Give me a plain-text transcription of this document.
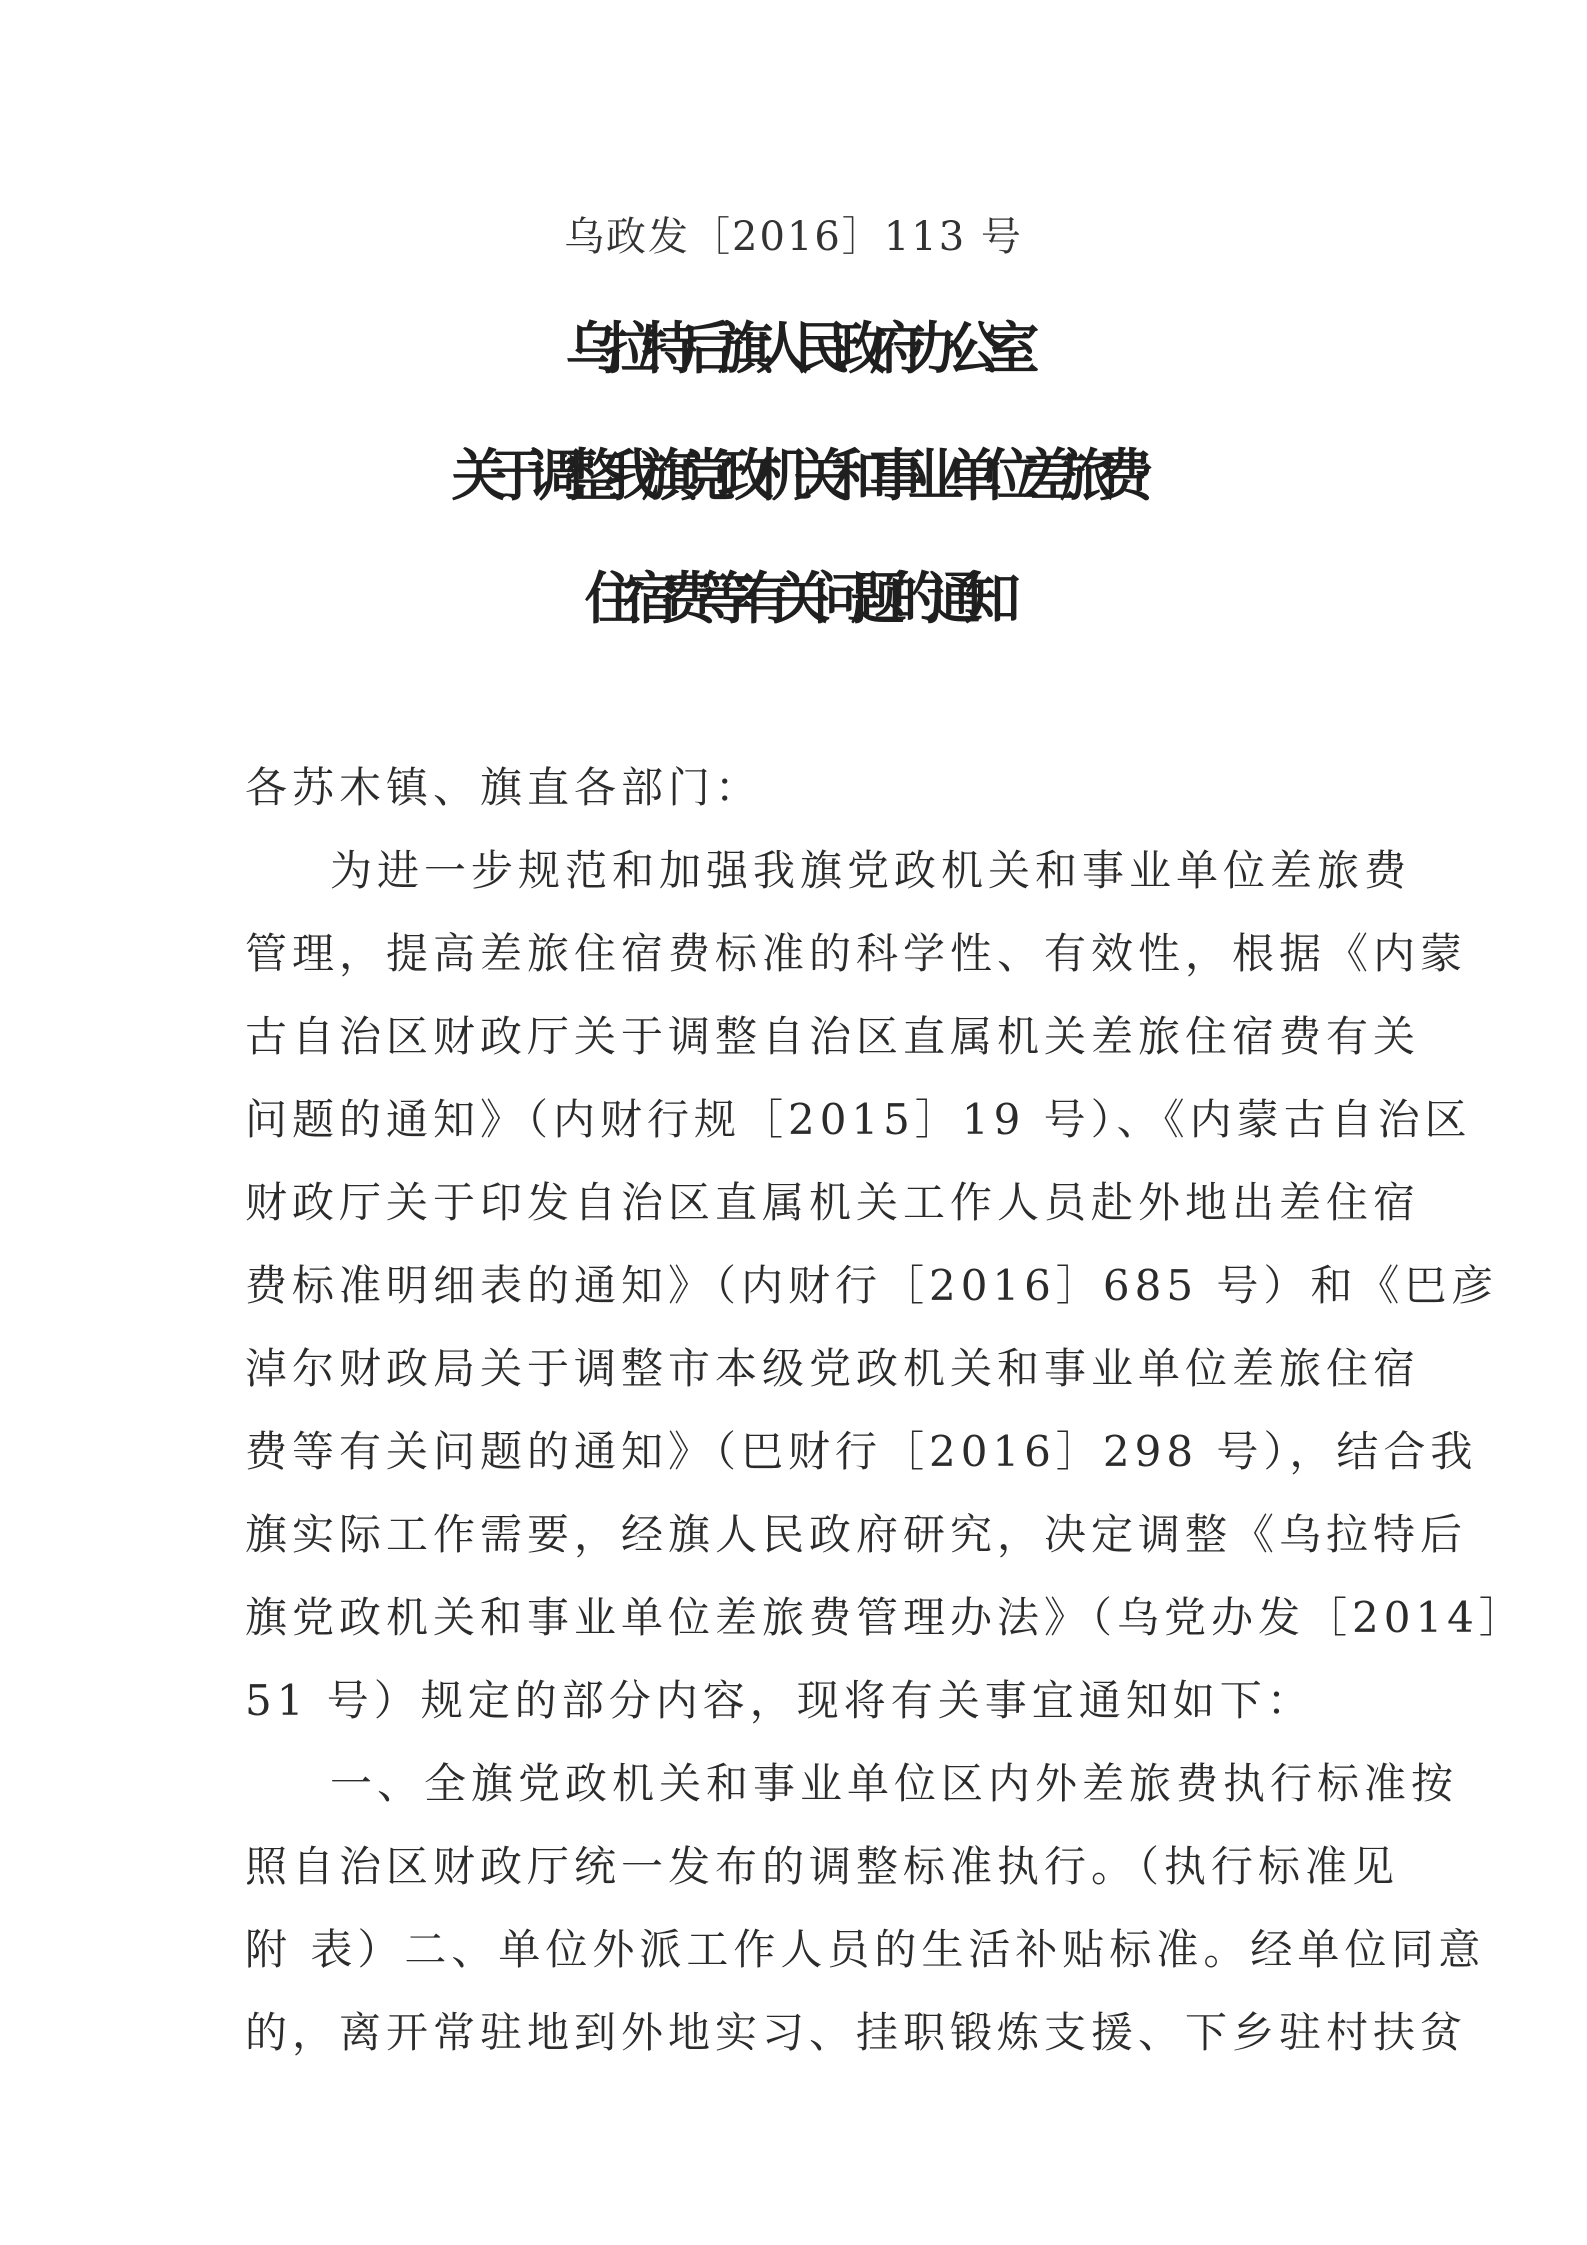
乌政发［2016］113 号
乌拉特后旗人民政府办公室
关于调整我旗党政机关和事业单位差旅费
住宿费等有关问题的通知
各苏木镇、旗直各部门：
为进一步规范和加强我旗党政机关和事业单位差旅费
管理，提高差旅住宿费标准的科学性、有效性，根据《内蒙
古自治区财政厅关于调整自治区直属机关差旅住宿费有关
问题的通知》（内财行规［2015］19 号）、《内蒙古自治区
财政厅关于印发自治区直属机关工作人员赴外地出差住宿
费标准明细表的通知》（内财行［2016］685 号）和《巴彦
淖尔财政局关于调整市本级党政机关和事业单位差旅住宿
费等有关问题的通知》（巴财行［2016］298 号），结合我
旗实际工作需要，经旗人民政府研究，决定调整《乌拉特后
旗党政机关和事业单位差旅费管理办法》（乌党办发［2014］
51 号）规定的部分内容，现将有关事宜通知如下：
一、全旗党政机关和事业单位区内外差旅费执行标准按
照自治区财政厅统一发布的调整标准执行。（执行标准见
附 表）二、单位外派工作人员的生活补贴标准。经单位同意
的，离开常驻地到外地实习、挂职锻炼支援、下乡驻村扶贫
